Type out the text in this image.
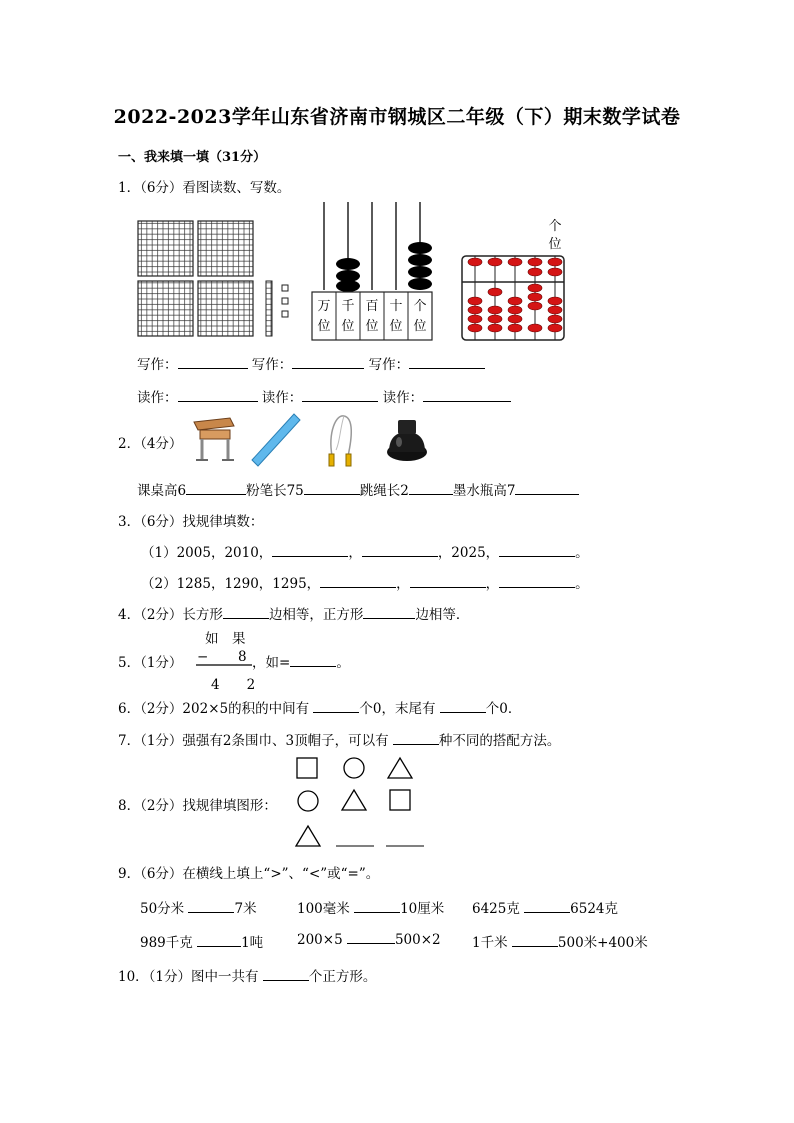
2022-2023学年山东省济南市钢城区二年级（下）期末数学试卷
一、我来填一填（31分）
1．（6分）看图读数、写数。
万
位
千
位
百
位
十
位
个
位
个
位
写作：	写作：	写作：
读作：	读作：	读作：
2．（4分）
课桌高6	粉笔长75	跳绳长2	墨水瓶高7
3．（6分）找规律填数：
（1）2005，2010，	，	，2025，	。
（2）1285，1290，1295，	，	，	。
4．（2分）长方形	边相等，正方形	边相等．
如　果
5．（1分） − 8
4　　2
，如=	。
6．（2分）202×5的积的中间有	个0，末尾有	个0．
7．（1分）强强有2条围巾、3顶帽子，可以有	种不同的搭配方法。
8．（2分）找规律填图形：
9．（6分）在横线上填上“>”、“<”或“=”。
50分米	7米	100毫米	10厘米 6425克	6524克
989千克	1吨	200×5	500×2 1千米	500米+400米
10．（1分）图中一共有	个正方形。
